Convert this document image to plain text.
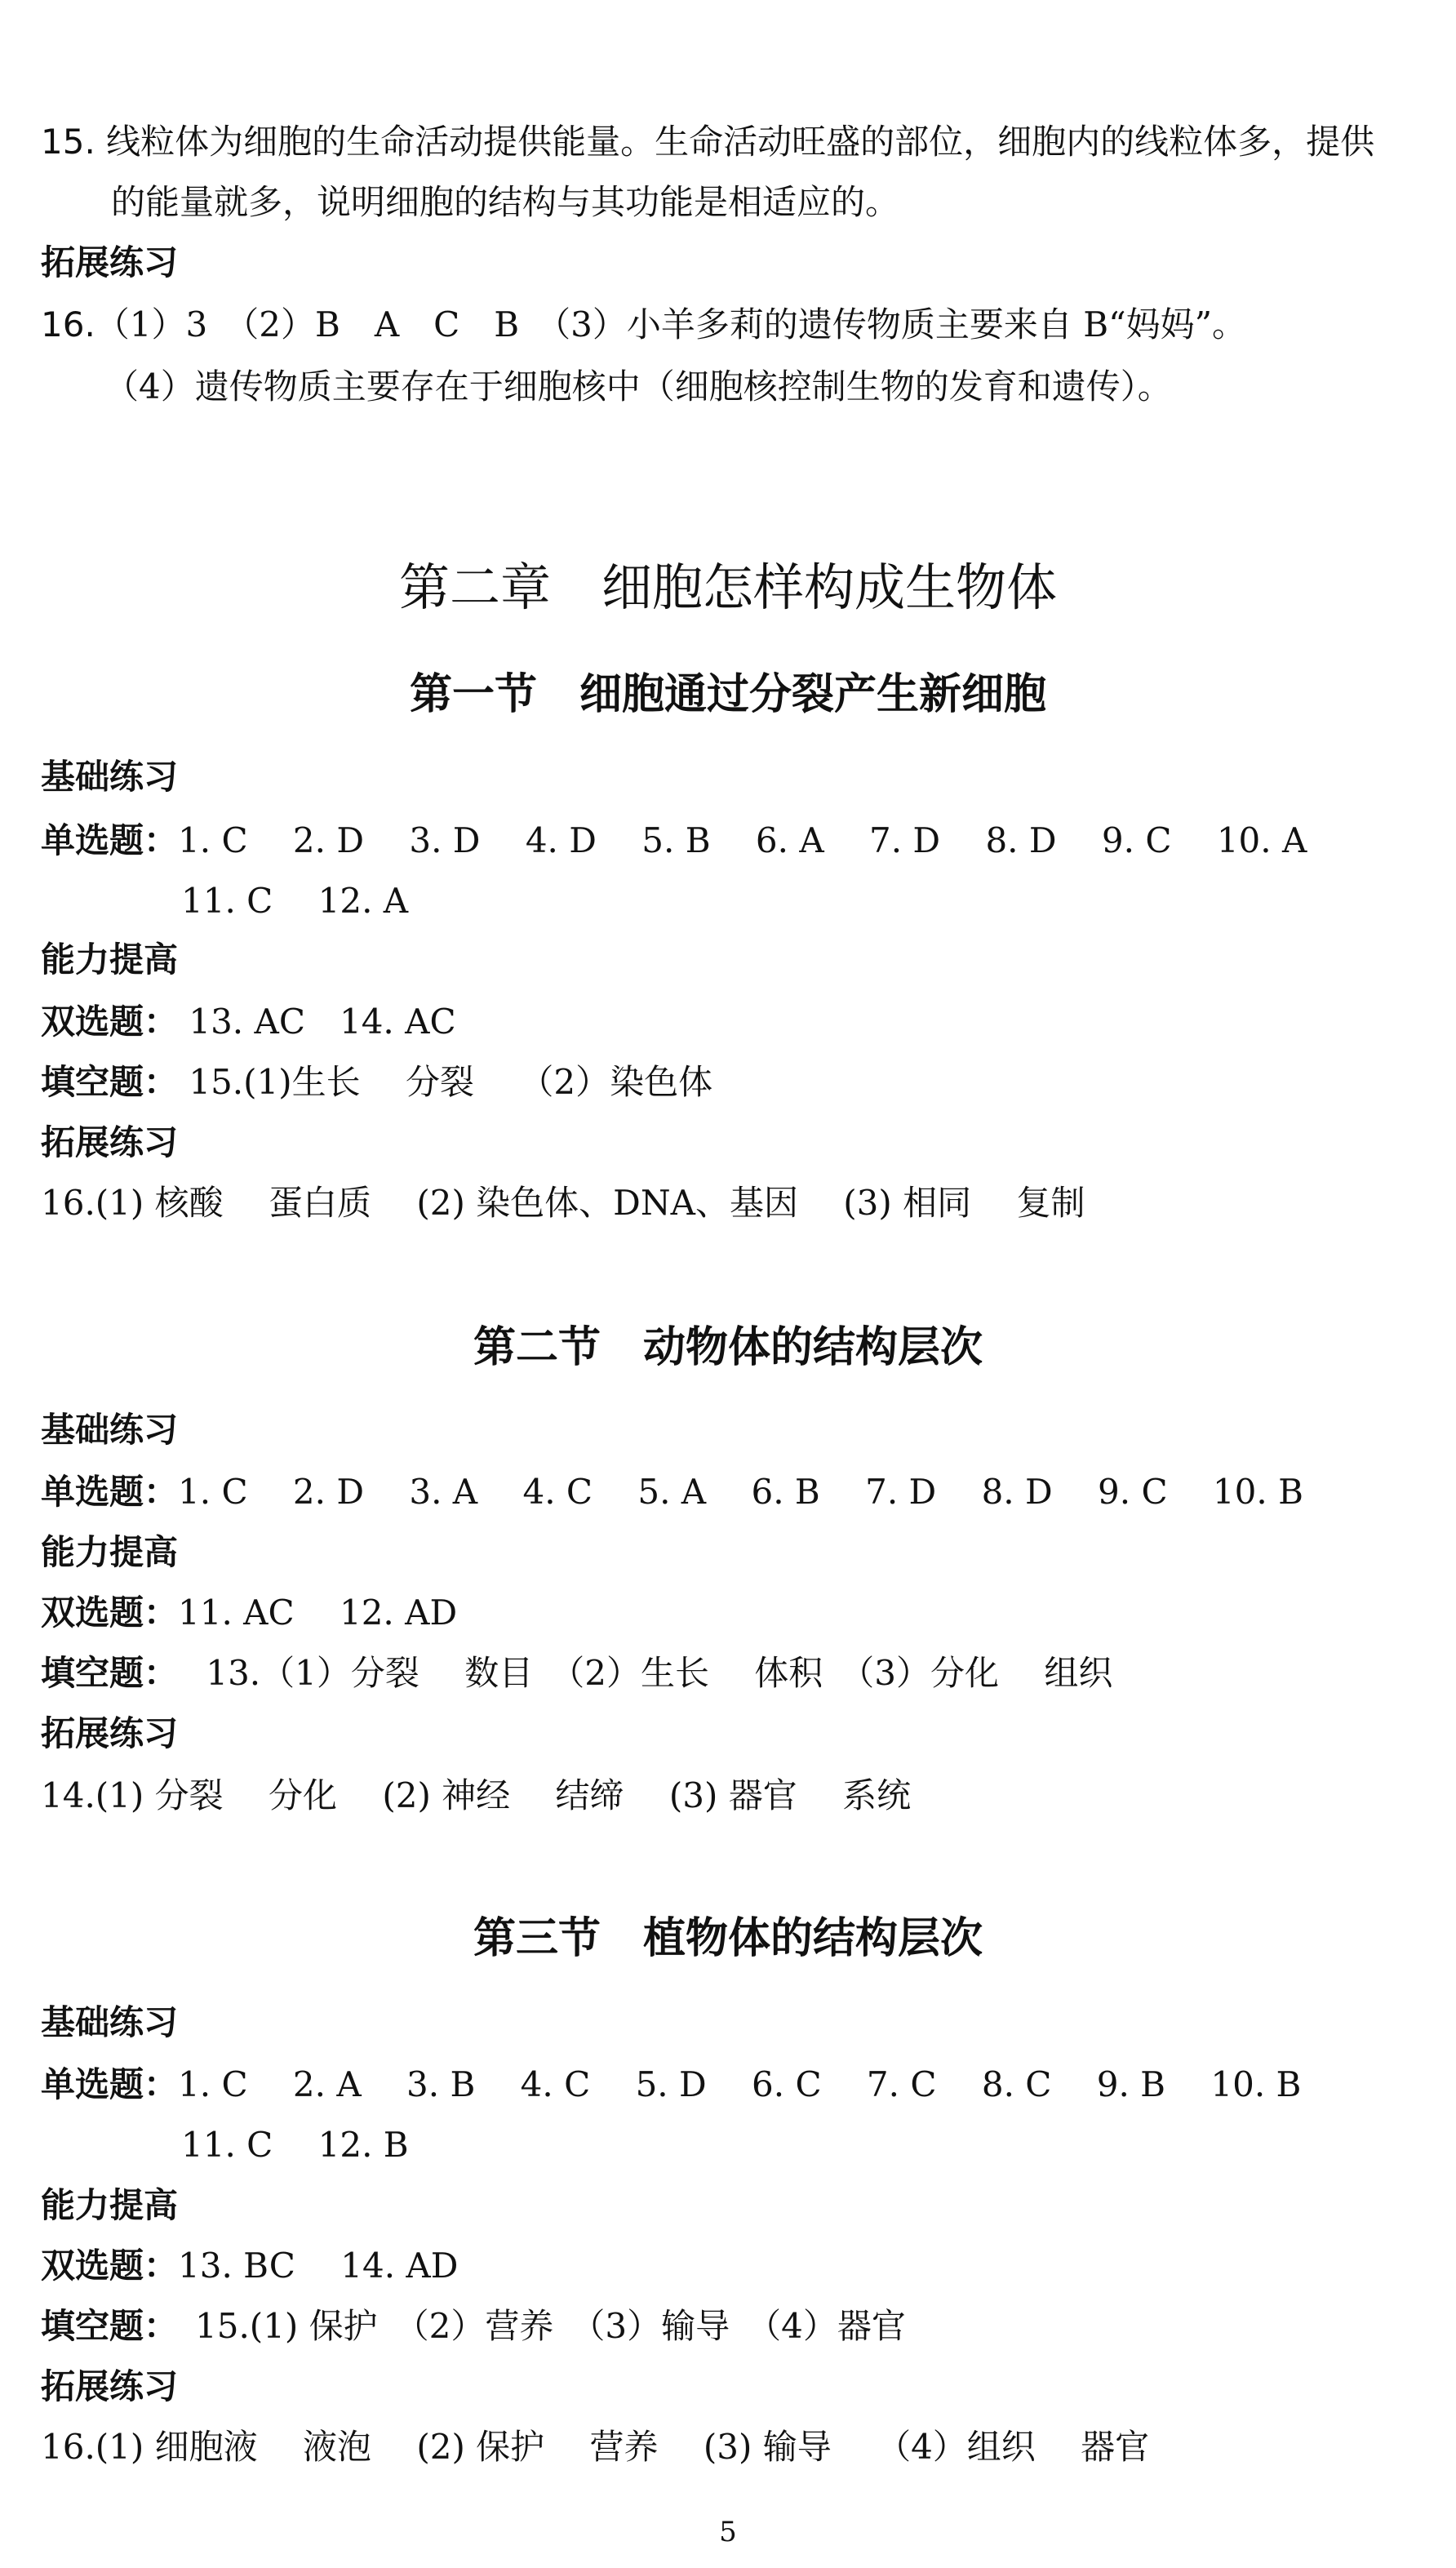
15. 线粒体为细胞的生命活动提供能量。生命活动旺盛的部位，细胞内的线粒体多，提供
的能量就多，说明细胞的结构与其功能是相适应的。
拓展练习
16.（1）3　（2）B　A　C　B　（3）小羊多莉的遗传物质主要来自 B“妈妈”。
（4）遗传物质主要存在于细胞核中（细胞核控制生物的发育和遗传）。
第二章　细胞怎样构成生物体
第一节　细胞通过分裂产生新细胞
基础练习
单选题：1. C　 2. D　 3. D　 4. D　 5. B　 6. A　 7. D　 8. D　 9. C　 10. A
11. C　 12. A
能力提高
双选题： 13. AC　14. AC
填空题： 15.(1)生长　 分裂　 （2）染色体
拓展练习
16.(1) 核酸　 蛋白质　 (2) 染色体、DNA、基因　 (3) 相同　 复制
第二节　动物体的结构层次
基础练习
单选题：1. C　 2. D　 3. A　 4. C　 5. A　 6. B　 7. D　 8. D　 9. C　 10. B
能力提高
双选题：11. AC　 12. AD
填空题：　 13.（1）分裂　 数目　（2）生长　 体积　（3）分化　 组织
拓展练习
14.(1) 分裂　 分化　 (2) 神经　 结缔　 (3) 器官　 系统
第三节　植物体的结构层次
基础练习
单选题：1. C　 2. A　 3. B　 4. C　 5. D　 6. C　 7. C　 8. C　 9. B　 10. B
11. C　 12. B
能力提高
双选题：13. BC　 14. AD
填空题：　15.(1) 保护　（2）营养　（3）输导　（4）器官
拓展练习
16.(1) 细胞液　 液泡　 (2) 保护　 营养　 (3) 输导　 （4）组织　 器官
5
